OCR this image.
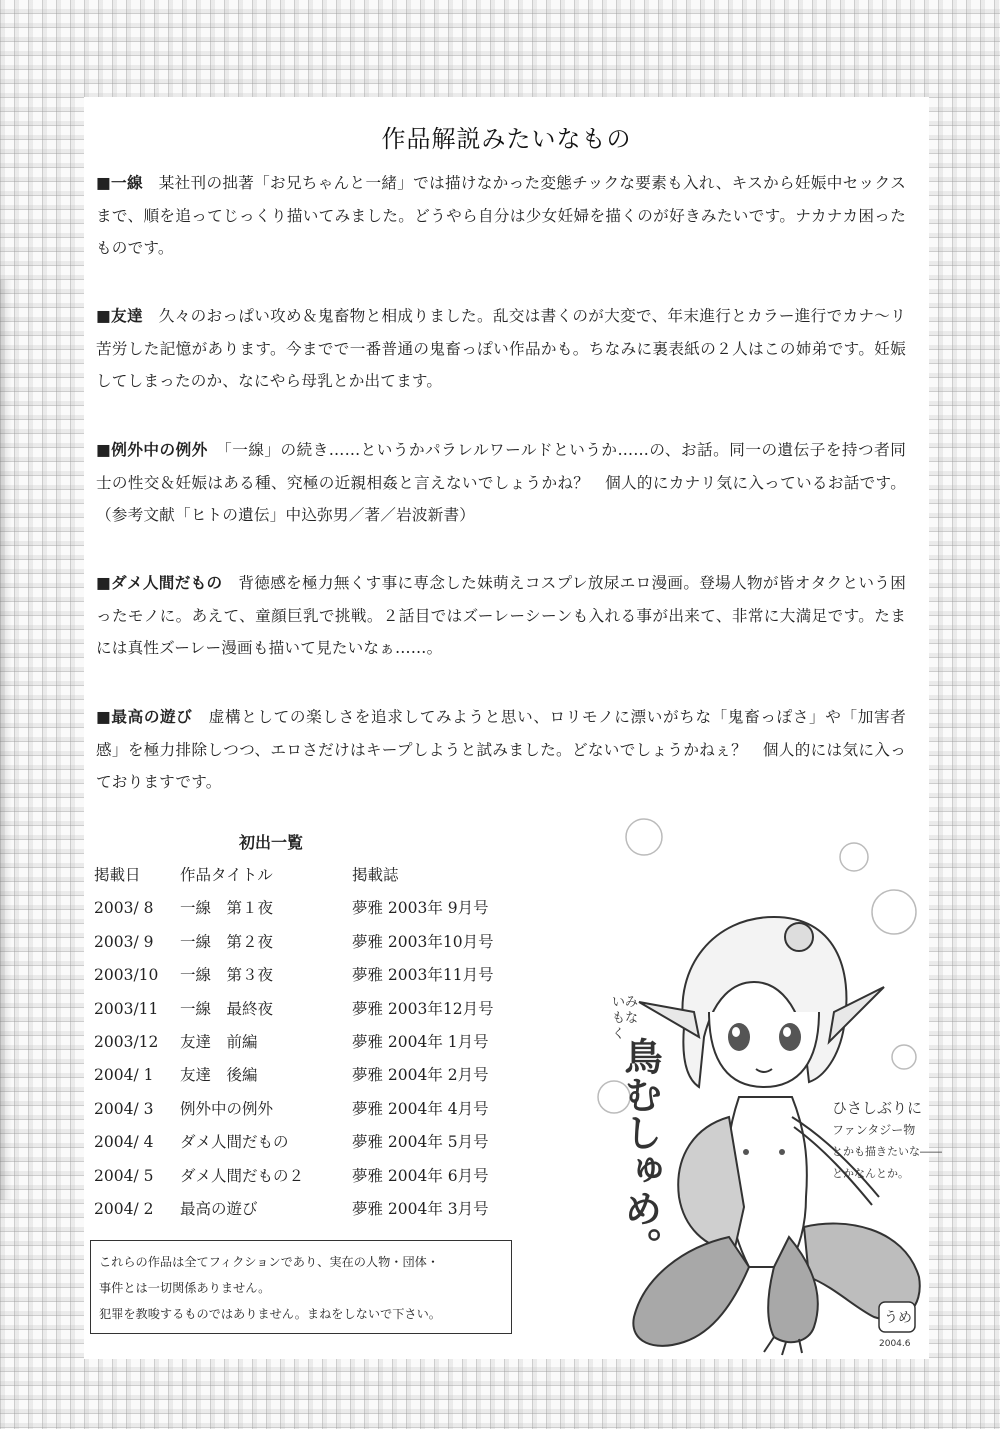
作品解説みたいなもの
■一線 某社刊の拙著「お兄ちゃんと一緒」では描けなかった変態チックな要素も入れ、キスから妊娠中セックスまで、順を追ってじっくり描いてみました。どうやら自分は少女妊婦を描くのが好きみたいです。ナカナカ困ったものです。
■友達 久々のおっぱい攻め＆鬼畜物と相成りました。乱交は書くのが大変で、年末進行とカラー進行でカナ〜リ苦労した記憶があります。今までで一番普通の鬼畜っぽい作品かも。ちなみに裏表紙の２人はこの姉弟です。妊娠してしまったのか、なにやら母乳とか出てます。
■例外中の例外 「一線」の続き……というかパラレルワールドというか……の、お話。同一の遺伝子を持つ者同士の性交＆妊娠はある種、究極の近親相姦と言えないでしょうかね？　個人的にカナリ気に入っているお話です。（参考文献「ヒトの遺伝」中込弥男／著／岩波新書）
■ダメ人間だもの 背徳感を極力無くす事に専念した妹萌えコスプレ放尿エロ漫画。登場人物が皆オタクという困ったモノに。あえて、童顔巨乳で挑戦。２話目ではズーレーシーンも入れる事が出来て、非常に大満足です。たまには真性ズーレー漫画も描いて見たいなぁ……。
■最高の遊び 虚構としての楽しさを追求してみようと思い、ロリモノに漂いがちな「鬼畜っぽさ」や「加害者感」を極力排除しつつ、エロさだけはキープしようと試みました。どないでしょうかねぇ？　個人的には気に入っておりますです。
初出一覧
掲載日	作品タイトル	掲載誌
2003/ 8 一線　第１夜	夢雅 2003年 9月号
2003/ 9 一線　第２夜	夢雅 2003年10月号
2003/10 一線　第３夜	夢雅 2003年11月号
2003/11 一線　最終夜	夢雅 2003年12月号
2003/12 友達　前編	夢雅 2004年 1月号
2004/ 1 友達　後編	夢雅 2004年 2月号
2004/ 3 例外中の例外	夢雅 2004年 4月号
2004/ 4 ダメ人間だもの	夢雅 2004年 5月号
2004/ 5 ダメ人間だもの２	夢雅 2004年 6月号
2004/ 2 最高の遊び	夢雅 2004年 3月号
これらの作品は全てフィクションであり、実在の人物・団体・
事件とは一切関係ありません。
犯罪を教唆するものではありません。まねをしないで下さい。
いみもなく
鳥むしゅめ。	ひさしぶりに
ファンタジー物
とかも描きたいな――
とかなんとか。
うめ
2004.6
